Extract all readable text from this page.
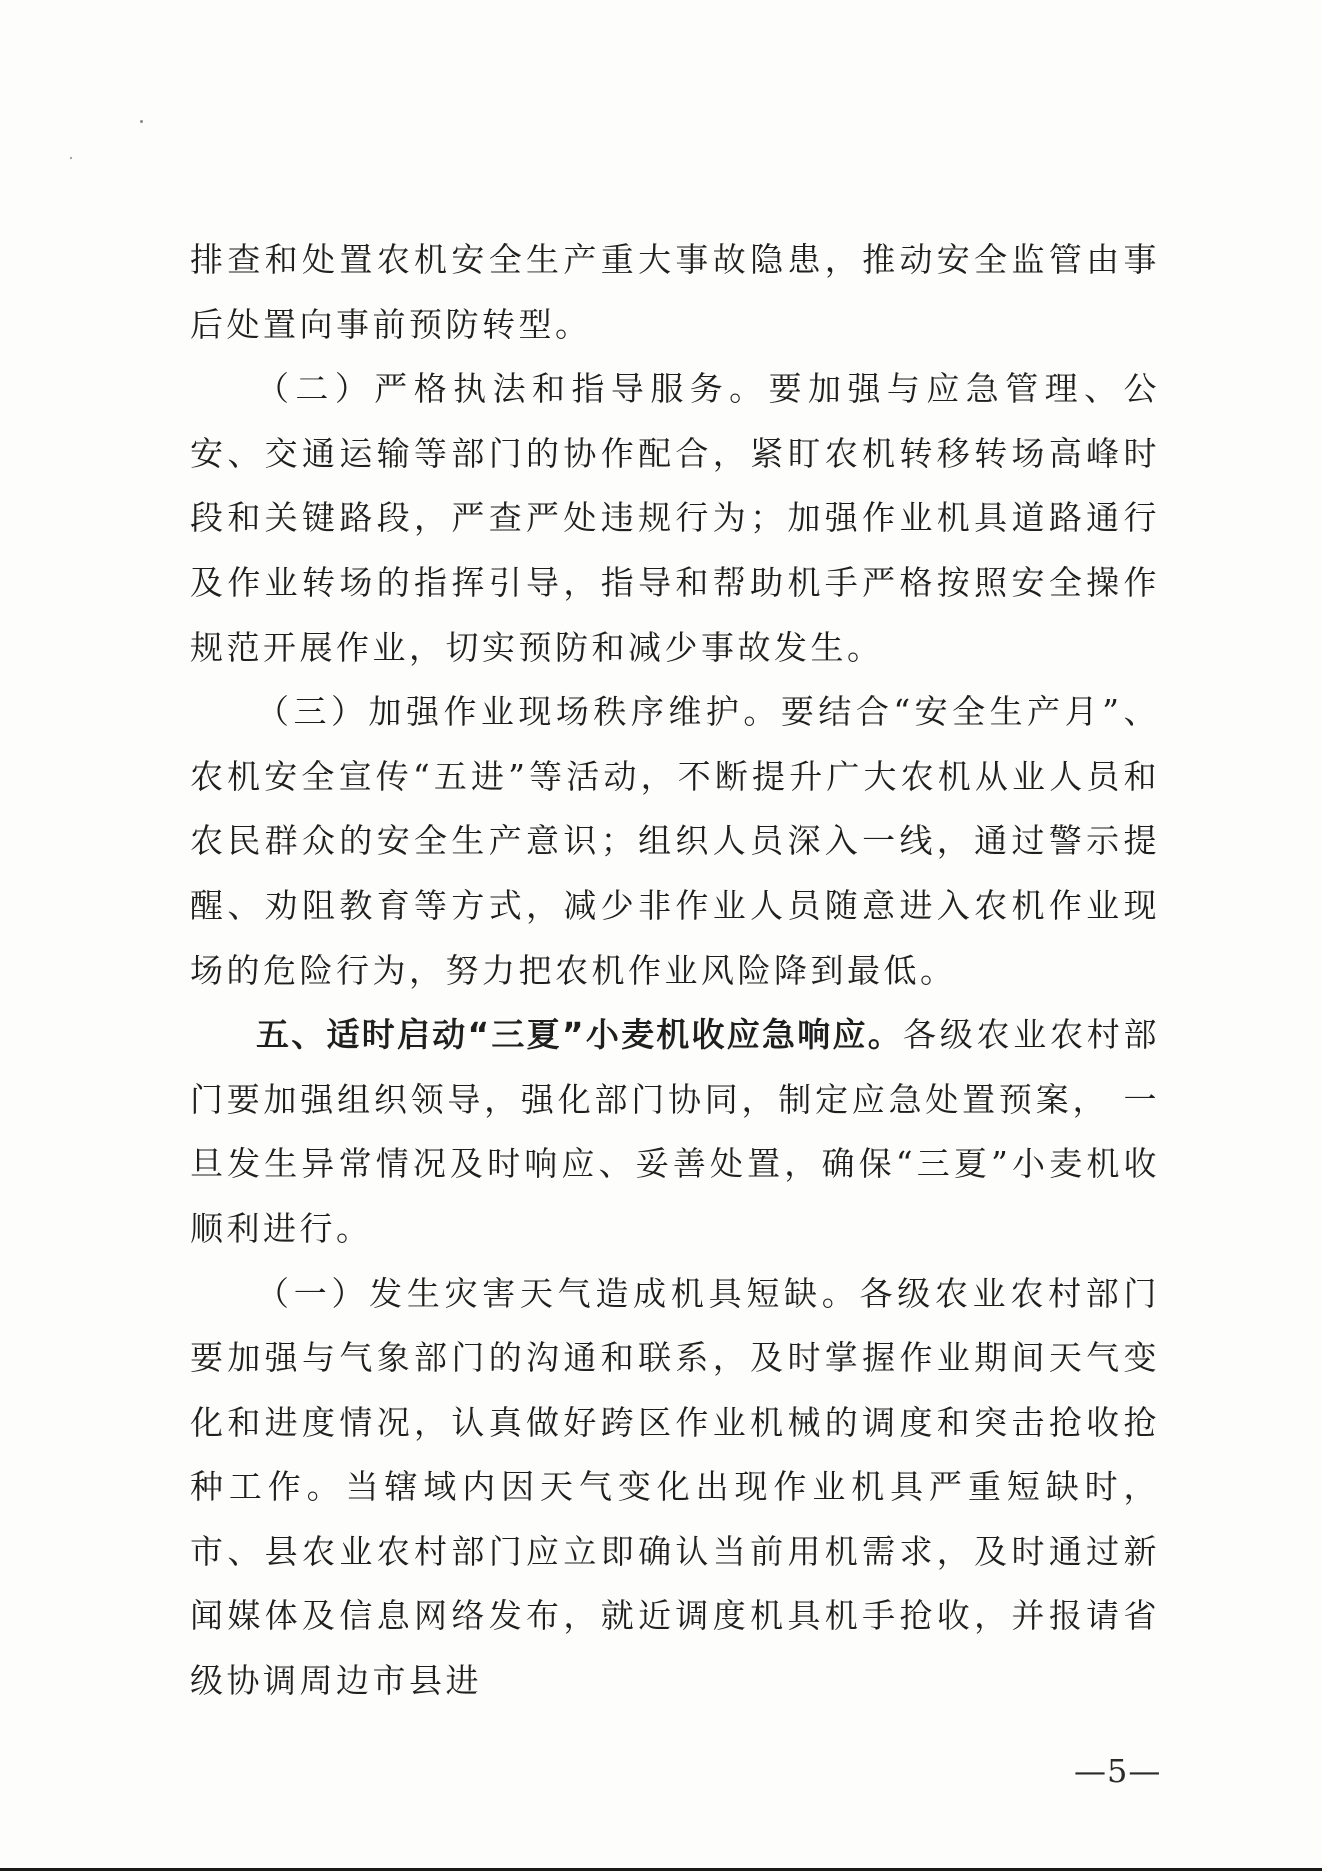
排查和处置农机安全生产重大事故隐患，推动安全监管由事后处置向事前预防转型。

（二）严格执法和指导服务。要加强与应急管理、公安、交通运输等部门的协作配合，紧盯农机转移转场高峰时段和关键路段，严查严处违规行为；加强作业机具道路通行及作业转场的指挥引导，指导和帮助机手严格按照安全操作规范开展作业，切实预防和减少事故发生。

（三）加强作业现场秩序维护。要结合“安全生产月”、农机安全宣传“五进”等活动，不断提升广大农机从业人员和农民群众的安全生产意识；组织人员深入一线，通过警示提醒、劝阻教育等方式，减少非作业人员随意进入农机作业现场的危险行为，努力把农机作业风险降到最低。

五、适时启动“三夏”小麦机收应急响应。各级农业农村部门要加强组织领导，强化部门协同，制定应急处置预案， 一旦发生异常情况及时响应、妥善处置，确保“三夏”小麦机收顺利进行。

（一）发生灾害天气造成机具短缺。各级农业农村部门要加强与气象部门的沟通和联系，及时掌握作业期间天气变化和进度情况，认真做好跨区作业机械的调度和突击抢收抢种工作。当辖域内因天气变化出现作业机具严重短缺时，市、县农业农村部门应立即确认当前用机需求，及时通过新闻媒体及信息网络发布，就近调度机具机手抢收，并报请省级协调周边市县进

—5—
